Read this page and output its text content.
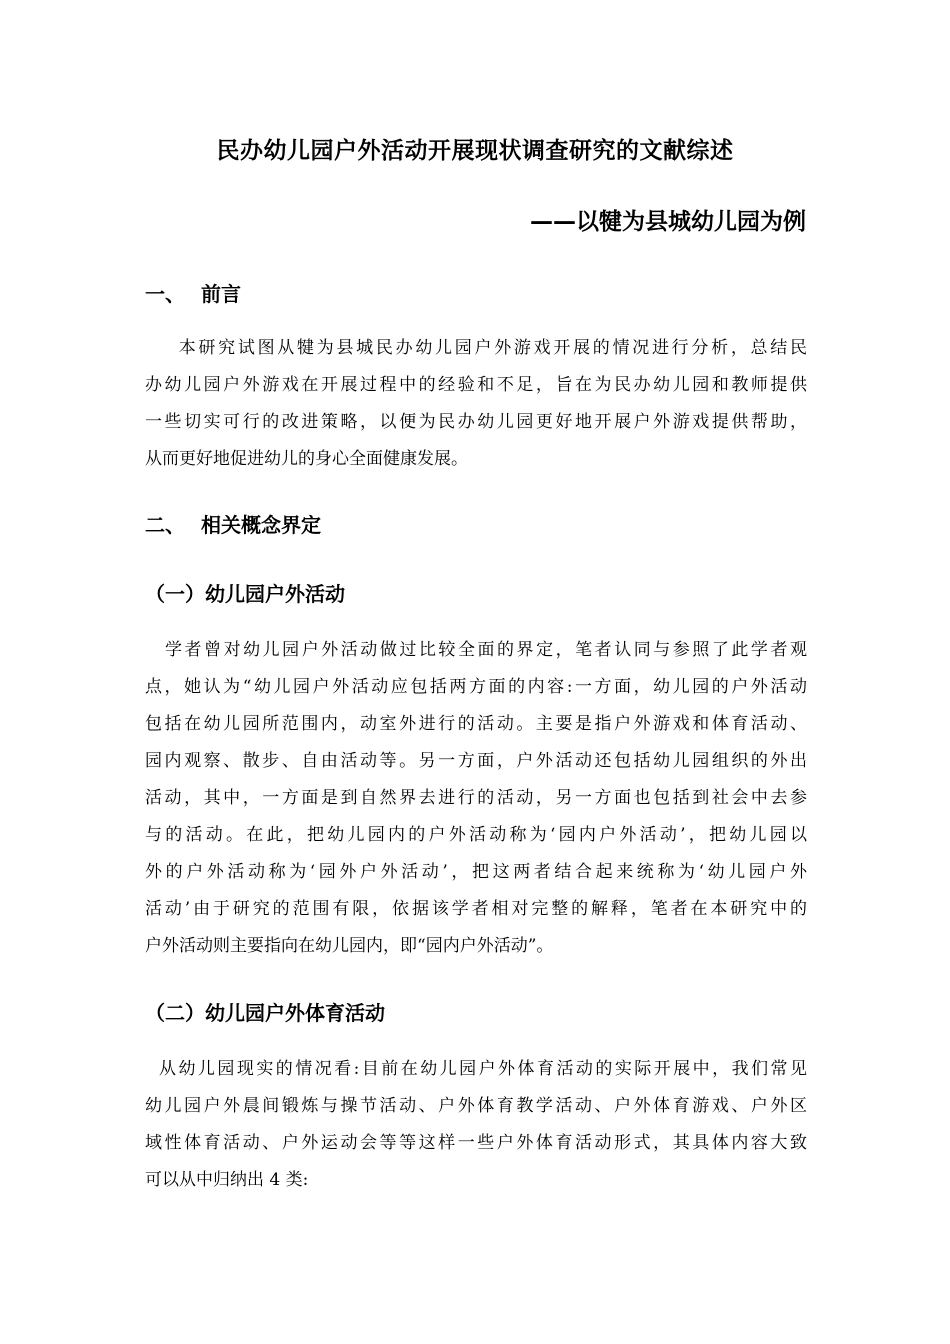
民办幼儿园户外活动开展现状调查研究的文献综述
——以犍为县城幼儿园为例
一、 前言
　本研究试图从犍为县城民办幼儿园户外游戏开展的情况进行分析，总结民
办幼儿园户外游戏在开展过程中的经验和不足，旨在为民办幼儿园和教师提供
一些切实可行的改进策略，以便为民办幼儿园更好地开展户外游戏提供帮助，
从而更好地促进幼儿的身心全面健康发展。
二、 相关概念界定
（一）幼儿园户外活动
学者曾对幼儿园户外活动做过比较全面的界定，笔者认同与参照了此学者观
点，她认为“幼儿园户外活动应包括两方面的内容:一方面，幼儿园的户外活动
包括在幼儿园所范围内，动室外进行的活动。主要是指户外游戏和体育活动、
园内观察、散步、自由活动等。另一方面，户外活动还包括幼儿园组织的外出
活动，其中，一方面是到自然界去进行的活动，另一方面也包括到社会中去参
与的活动。在此，把幼儿园内的户外活动称为‘园内户外活动’，把幼儿园以
外的户外活动称为‘园外户外活动’，把这两者结合起来统称为‘幼儿园户外
活动’由于研究的范围有限，依据该学者相对完整的解释，笔者在本研究中的
户外活动则主要指向在幼儿园内，即“园内户外活动”。
（二）幼儿园户外体育活动
从幼儿园现实的情况看:目前在幼儿园户外体育活动的实际开展中，我们常见
幼儿园户外晨间锻炼与操节活动、户外体育教学活动、户外体育游戏、户外区
域性体育活动、户外运动会等等这样一些户外体育活动形式，其具体内容大致
可以从中归纳出 4 类:
